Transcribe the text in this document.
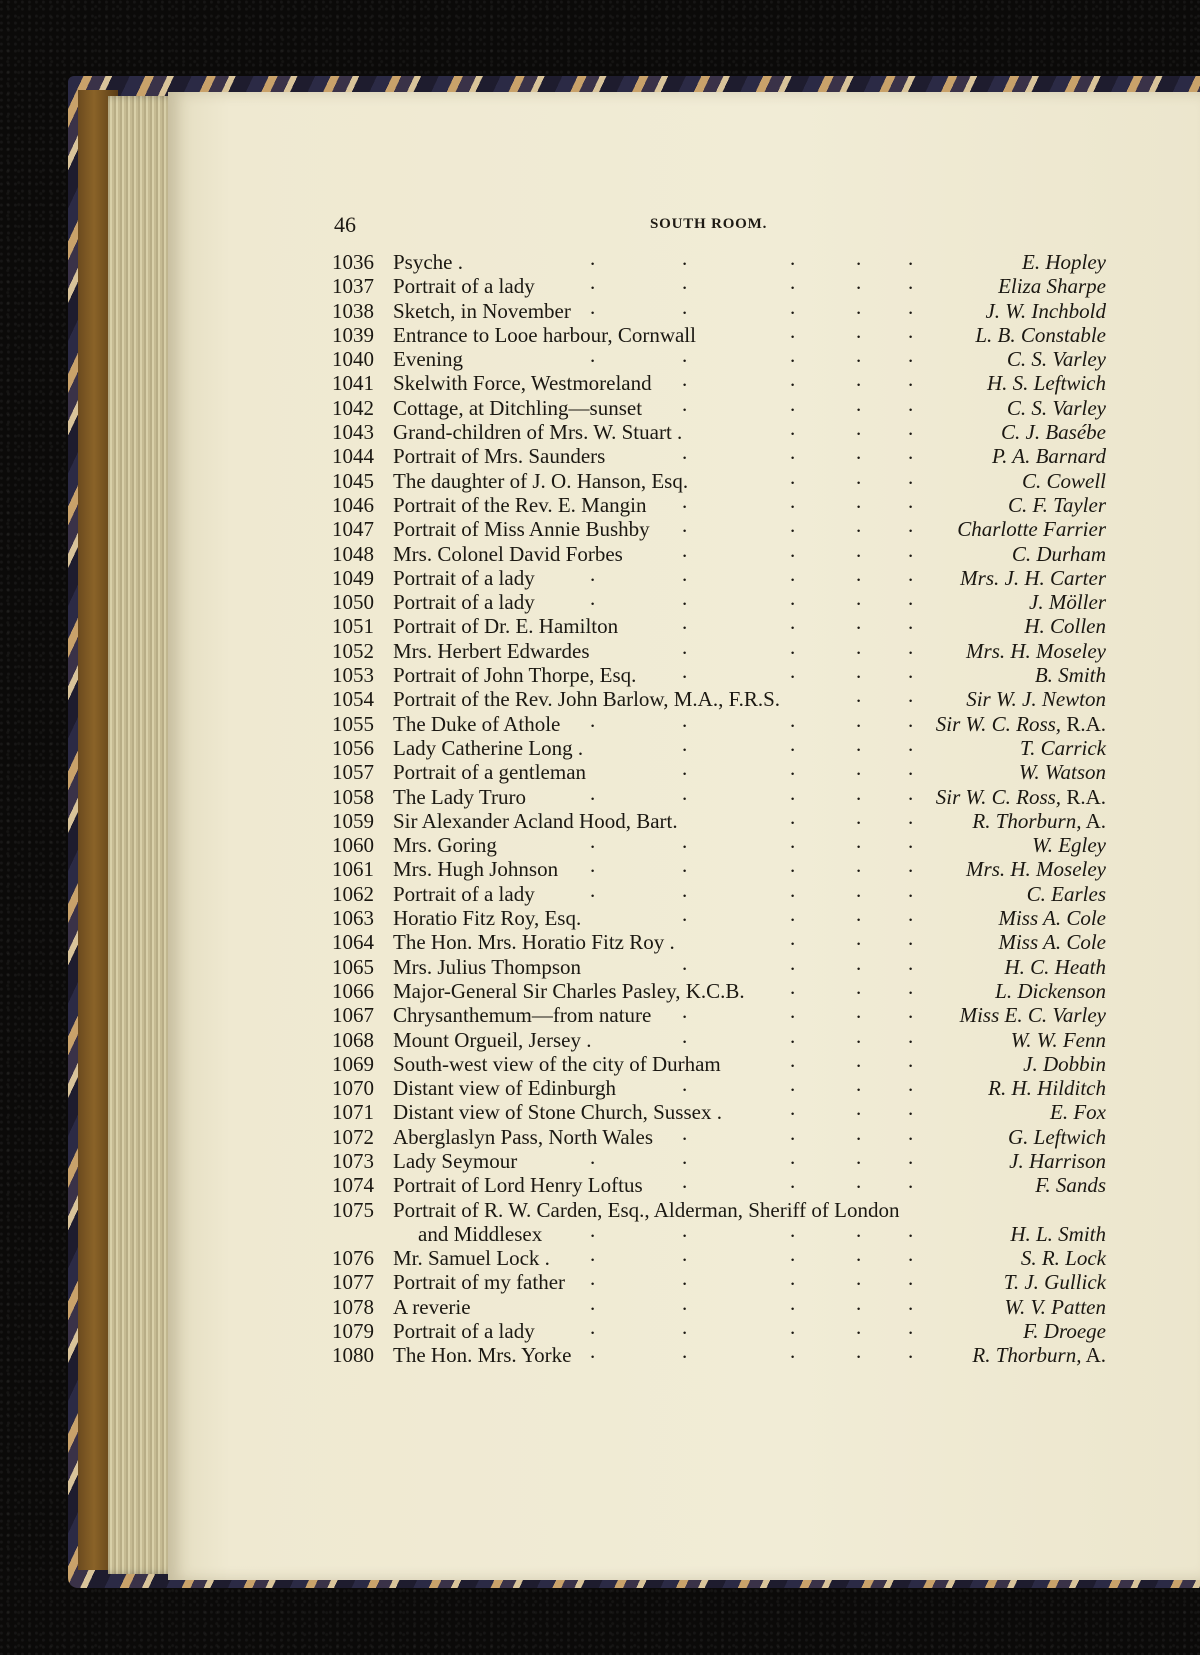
46	SOUTH ROOM.
1036 Psyche .	E. Hopley
.	.	.	. .
1037 Portrait of a lady	Eliza Sharpe
.	.	.	. .
1038 Sketch, in November	J. W. Inchbold
.	.	.	. .
1039 Entrance to Looe harbour, Cornwall	L. B. Constable
.	. .
1040 Evening	C. S. Varley
.	.	.	. .
1041 Skelwith Force, Westmoreland	H. S. Leftwich
.	.	. .
1042 Cottage, at Ditchling—sunset	C. S. Varley
.	.	. .
1043 Grand-children of Mrs. W. Stuart .	C. J. Basébe
.	. .
1044 Portrait of Mrs. Saunders	P. A. Barnard
.	.	. .
1045 The daughter of J. O. Hanson, Esq.	C. Cowell
.	. .
1046 Portrait of the Rev. E. Mangin	C. F. Tayler
.	.	. .
1047 Portrait of Miss Annie Bushby	Charlotte Farrier
.	.	. .
1048 Mrs. Colonel David Forbes	C. Durham
.	.	. .
1049 Portrait of a lady	Mrs. J. H. Carter
.	.	.	. .
1050 Portrait of a lady	J. Möller
.	.	.	. .
1051 Portrait of Dr. E. Hamilton	H. Collen
.	.	. .
1052 Mrs. Herbert Edwardes	Mrs. H. Moseley
.	.	. .
1053 Portrait of John Thorpe, Esq.	B. Smith
.	.	. .
1054 Portrait of the Rev. John Barlow, M.A., F.R.S.	Sir W. J. Newton
. .
1055 The Duke of Athole	Sir W. C. Ross, R.A.
.	.	.	. .
1056 Lady Catherine Long .	T. Carrick
.	.	. .
1057 Portrait of a gentleman	W. Watson
.	.	. .
1058 The Lady Truro	Sir W. C. Ross, R.A.
.	.	.	. .
1059 Sir Alexander Acland Hood, Bart.	R. Thorburn, A.
.	. .
1060 Mrs. Goring	W. Egley
.	.	.	. .
1061 Mrs. Hugh Johnson	Mrs. H. Moseley
.	.	.	. .
1062 Portrait of a lady	C. Earles
.	.	.	. .
1063 Horatio Fitz Roy, Esq.	Miss A. Cole
.	.	. .
1064 The Hon. Mrs. Horatio Fitz Roy .	Miss A. Cole
.	. .
1065 Mrs. Julius Thompson	H. C. Heath
.	.	. .
1066 Major-General Sir Charles Pasley, K.C.B.	L. Dickenson
.	. .
1067 Chrysanthemum—from nature	Miss E. C. Varley
.	.	. .
1068 Mount Orgueil, Jersey .	W. W. Fenn
.	.	. .
1069 South-west view of the city of Durham	J. Dobbin
.	. .
1070 Distant view of Edinburgh	R. H. Hilditch
.	.	. .
1071 Distant view of Stone Church, Sussex .	E. Fox
.	. .
1072 Aberglaslyn Pass, North Wales	G. Leftwich
.	.	. .
1073 Lady Seymour	J. Harrison
.	.	.	. .
1074 Portrait of Lord Henry Loftus	F. Sands
.	.	. .
1075 Portrait of R. W. Carden, Esq., Alderman, Sheriff of London
and Middlesex	H. L. Smith
.	.	.	. .
1076 Mr. Samuel Lock .	S. R. Lock
.	.	.	. .
1077 Portrait of my father	T. J. Gullick
.	.	.	. .
1078 A reverie	W. V. Patten
.	.	.	. .
1079 Portrait of a lady	F. Droege
.	.	.	. .
1080 The Hon. Mrs. Yorke	R. Thorburn, A.
.	.	.	. .
